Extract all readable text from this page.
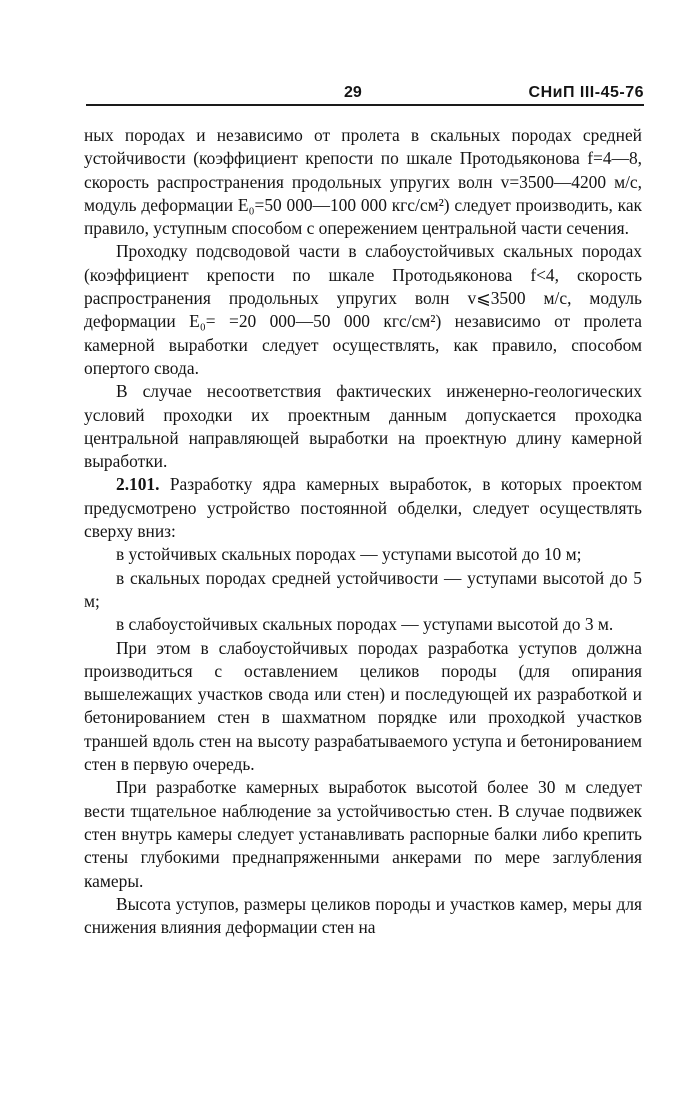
29	СНиП III-45-76

ных породах и независимо от пролета в скальных породах средней устойчивости (коэффициент крепости по шкале Протодьяконова f=4—8, скорость распространения продольных упругих волн v=3500—4200 м/с, модуль деформации E₀=50 000—100 000 кгс/см²) следует производить, как правило, уступным способом с опережением центральной части сечения.

Проходку подсводовой части в слабоустойчивых скальных породах (коэффициент крепости по шкале Протодьяконова f<4, скорость распространения продольных упругих волн v⩽3500 м/с, модуль деформации E₀= =20 000—50 000 кгс/см²) независимо от пролета камерной выработки следует осуществлять, как правило, способом опертого свода.

В случае несоответствия фактических инженерно-геологических условий проходки их проектным данным допускается проходка центральной направляющей выработки на проектную длину камерной выработки.

2.101. Разработку ядра камерных выработок, в которых проектом предусмотрено устройство постоянной обделки, следует осуществлять сверху вниз:

в устойчивых скальных породах — уступами высотой до 10 м;

в скальных породах средней устойчивости — уступами высотой до 5 м;

в слабоустойчивых скальных породах — уступами высотой до 3 м.

При этом в слабоустойчивых породах разработка уступов должна производиться с оставлением целиков породы (для опирания вышележащих участков свода или стен) и последующей их разработкой и бетонированием стен в шахматном порядке или проходкой участков траншей вдоль стен на высоту разрабатываемого уступа и бетонированием стен в первую очередь.

При разработке камерных выработок высотой более 30 м следует вести тщательное наблюдение за устойчивостью стен. В случае подвижек стен внутрь камеры следует устанавливать распорные балки либо крепить стены глубокими преднапряженными анкерами по мере заглубления камеры.

Высота уступов, размеры целиков породы и участков камер, меры для снижения влияния деформации стен на
